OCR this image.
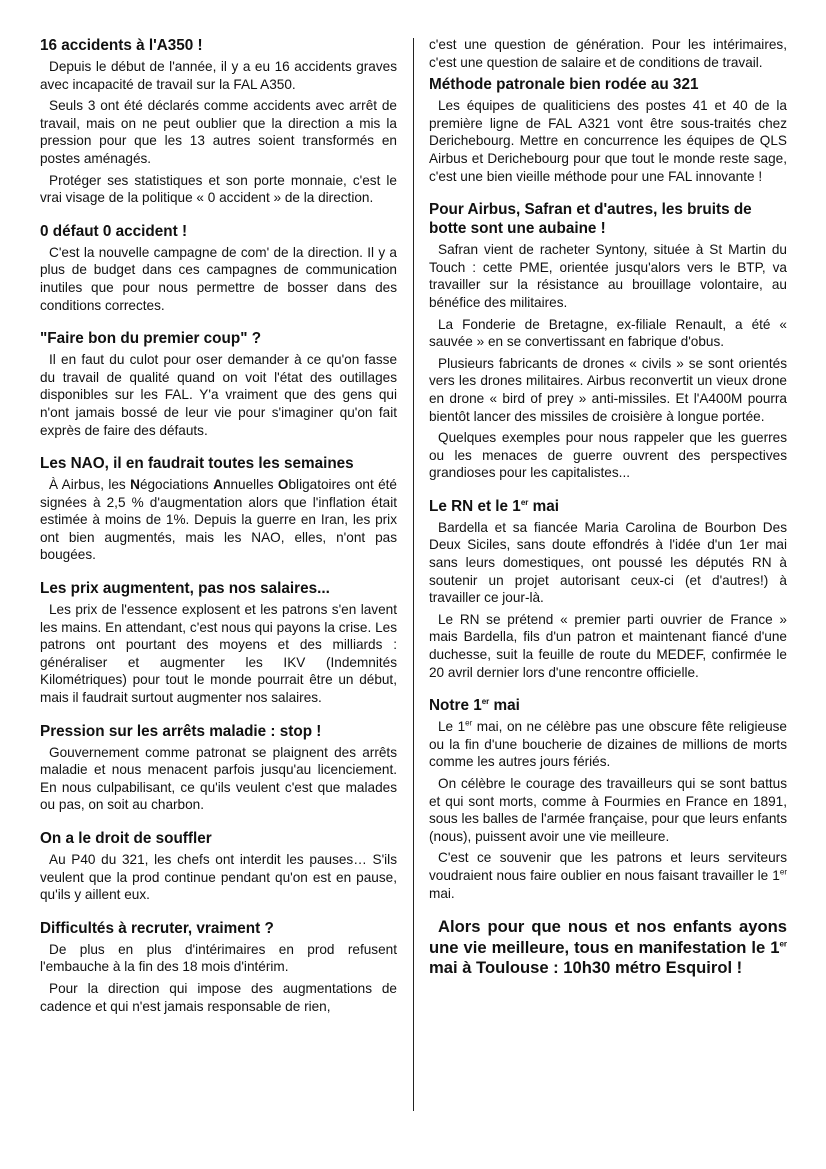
16 accidents à l'A350 !

Depuis le début de l'année, il y a eu 16 accidents graves avec incapacité de travail sur la FAL A350.

Seuls 3 ont été déclarés comme accidents avec arrêt de travail, mais on ne peut oublier que la direction a mis la pression pour que les 13 autres soient transformés en postes aménagés.

Protéger ses statistiques et son porte monnaie, c'est le vrai visage de la politique « 0 accident » de la direction.

0 défaut 0 accident !

C'est la nouvelle campagne de com' de la direction. Il y a plus de budget dans ces campagnes de communication inutiles que pour nous permettre de bosser dans des conditions correctes.

"Faire bon du premier coup" ?

Il en faut du culot pour oser demander à ce qu'on fasse du travail de qualité quand on voit l'état des outillages disponibles sur les FAL. Y'a vraiment que des gens qui n'ont jamais bossé de leur vie pour s'imaginer qu'on fait exprès de faire des défauts.

Les NAO, il en faudrait toutes les semaines

À Airbus, les Négociations Annuelles Obligatoires ont été signées à 2,5 % d'augmentation alors que l'inflation était estimée à moins de 1%. Depuis la guerre en Iran, les prix ont bien augmentés, mais les NAO, elles, n'ont pas bougées.

Les prix augmentent, pas nos salaires...

Les prix de l'essence explosent et les patrons s'en lavent les mains. En attendant, c'est nous qui payons la crise. Les patrons ont pourtant des moyens et des milliards : généraliser et augmenter les IKV (Indemnités Kilométriques) pour tout le monde pourrait être un début, mais il faudrait surtout augmenter nos salaires.

Pression sur les arrêts maladie : stop !

Gouvernement comme patronat se plaignent des arrêts maladie et nous menacent parfois jusqu'au licenciement. En nous culpabilisant, ce qu'ils veulent c'est que malades ou pas, on soit au charbon.

On a le droit de souffler

Au P40 du 321, les chefs ont interdit les pauses… S'ils veulent que la prod continue pendant qu'on est en pause, qu'ils y aillent eux.

Difficultés à recruter, vraiment ?

De plus en plus d'intérimaires en prod refusent l'embauche à la fin des 18 mois d'intérim.

Pour la direction qui impose des augmentations de cadence et qui n'est jamais responsable de rien,

c'est une question de génération. Pour les intérimaires, c'est une question de salaire et de conditions de travail.

Méthode patronale bien rodée au 321

Les équipes de qualiticiens des postes 41 et 40 de la première ligne de FAL A321 vont être sous-traités chez Derichebourg. Mettre en concurrence les équipes de QLS Airbus et Derichebourg pour que tout le monde reste sage, c'est une bien vieille méthode pour une FAL innovante !

Pour Airbus, Safran et d'autres, les bruits de botte sont une aubaine !

Safran vient de racheter Syntony, située à St Martin du Touch : cette PME, orientée jusqu'alors vers le BTP, va travailler sur la résistance au brouillage volontaire, au bénéfice des militaires.

La Fonderie de Bretagne, ex-filiale Renault, a été « sauvée » en se convertissant en fabrique d'obus.

Plusieurs fabricants de drones « civils » se sont orientés vers les drones militaires. Airbus reconvertit un vieux drone en drone « bird of prey » anti-missiles. Et l'A400M pourra bientôt lancer des missiles de croisière à longue portée.

Quelques exemples pour nous rappeler que les guerres ou les menaces de guerre ouvrent des perspectives grandioses pour les capitalistes...

Le RN et le 1er mai

Bardella et sa fiancée Maria Carolina de Bourbon Des Deux Siciles, sans doute effondrés à l'idée d'un 1er mai sans leurs domestiques, ont poussé les députés RN à soutenir un projet autorisant ceux-ci (et d'autres!) à travailler ce jour-là.

Le RN se prétend « premier parti ouvrier de France » mais Bardella, fils d'un patron et maintenant fiancé d'une duchesse, suit la feuille de route du MEDEF, confirmée le 20 avril dernier lors d'une rencontre officielle.

Notre 1er mai

Le 1er mai, on ne célèbre pas une obscure fête religieuse ou la fin d'une boucherie de dizaines de millions de morts comme les autres jours fériés.

On célèbre le courage des travailleurs qui se sont battus et qui sont morts, comme à Fourmies en France en 1891, sous les balles de l'armée française, pour que leurs enfants (nous), puissent avoir une vie meilleure.

C'est ce souvenir que les patrons et leurs serviteurs voudraient nous faire oublier en nous faisant travailler le 1er mai.

Alors pour que nous et nos enfants ayons une vie meilleure, tous en manifestation le 1er mai à Toulouse : 10h30 métro Esquirol !
